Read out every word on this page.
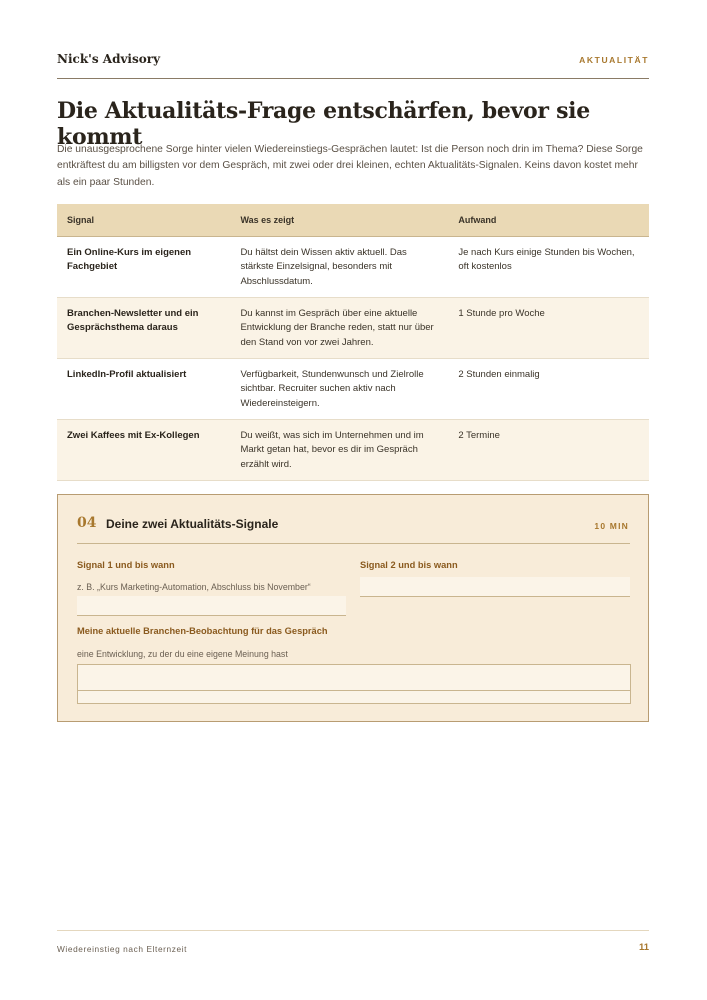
Nick's Advisory	AKTUALITÄT
Die Aktualitäts-Frage entschärfen, bevor sie kommt

Die unausgesprochene Sorge hinter vielen Wiedereinstiegs-Gesprächen lautet: Ist die Person noch drin im Thema? Diese Sorge entkräftest du am billigsten vor dem Gespräch, mit zwei oder drei kleinen, echten Aktualitäts-Signalen. Keins davon kostet mehr als ein paar Stunden.

Signal	Was es zeigt	Aufwand
Ein Online-Kurs im eigenen Fachgebiet	Du hältst dein Wissen aktiv aktuell. Das stärkste Einzelsignal, besonders mit Abschlussdatum.	Je nach Kurs einige Stunden bis Wochen, oft kostenlos
Branchen-Newsletter und ein Gesprächsthema daraus	Du kannst im Gespräch über eine aktuelle Entwicklung der Branche reden, statt nur über den Stand von vor zwei Jahren.	1 Stunde pro Woche
LinkedIn-Profil aktualisiert	Verfügbarkeit, Stundenwunsch und Zielrolle sichtbar. Recruiter suchen aktiv nach Wiedereinsteigern.	2 Stunden einmalig
Zwei Kaffees mit Ex-Kollegen	Du weißt, was sich im Unternehmen und im Markt getan hat, bevor es dir im Gespräch erzählt wird.	2 Termine
04 Deine zwei Aktualitäts-Signale	10 MIN
Signal 1 und bis wann
z. B. „Kurs Marketing-Automation, Abschluss bis November“
Signal 2 und bis wann
Meine aktuelle Branchen-Beobachtung für das Gespräch
eine Entwicklung, zu der du eine eigene Meinung hast
Wiedereinstieg nach Elternzeit	11
